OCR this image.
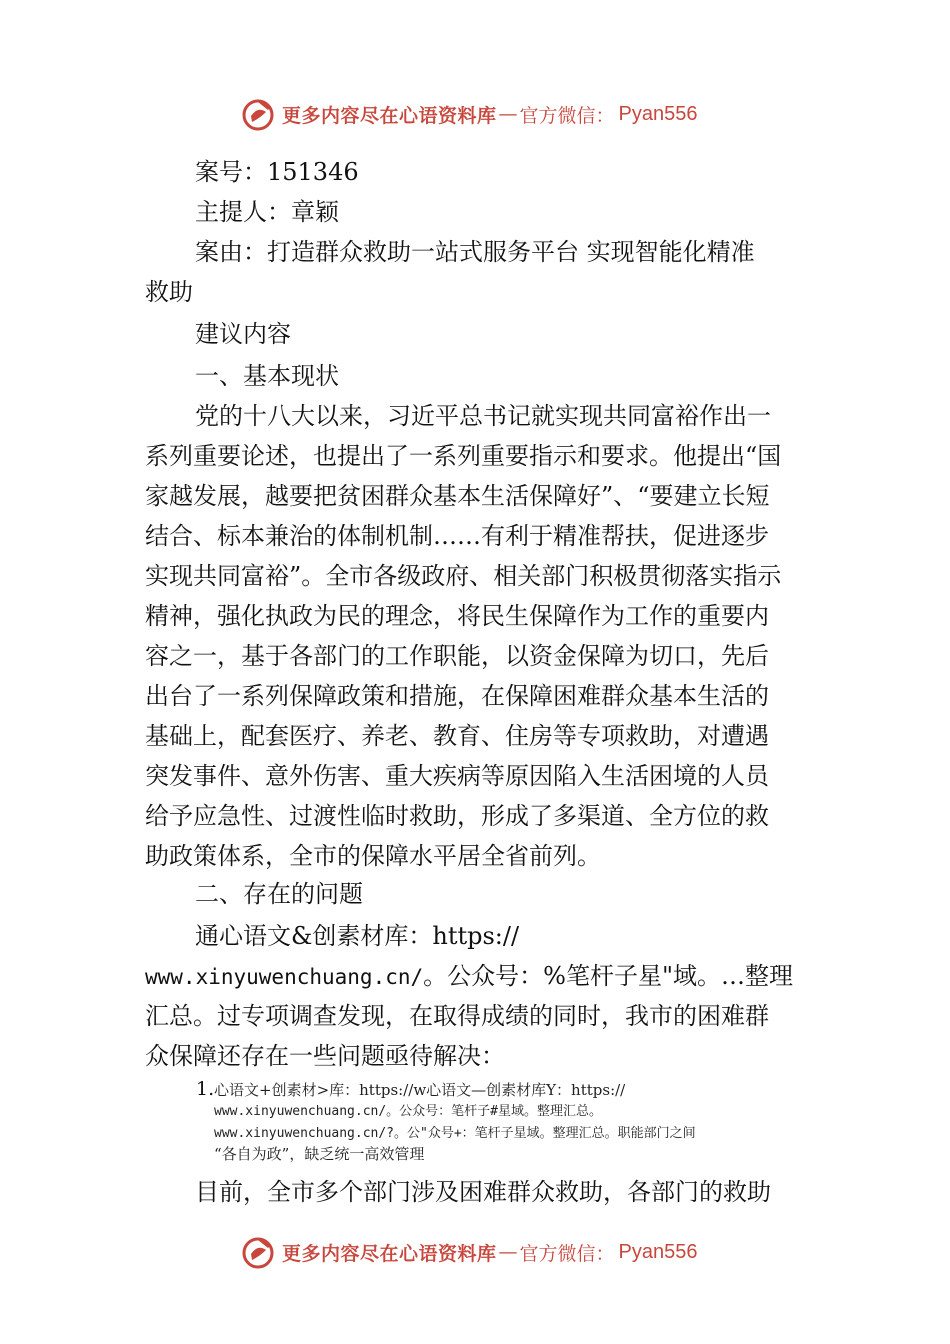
更多内容尽在心语资料库 — 官方微信： Pyan556
案号：151346
主提人：章颖
案由：打造群众救助一站式服务平台 实现智能化精准
救助
建议内容
一、基本现状
党的十八大以来，习近平总书记就实现共同富裕作出一
系列重要论述，也提出了一系列重要指示和要求。他提出“国
家越发展，越要把贫困群众基本生活保障好”、“要建立长短
结合、标本兼治的体制机制……有利于精准帮扶，促进逐步
实现共同富裕”。全市各级政府、相关部门积极贯彻落实指示
精神，强化执政为民的理念，将民生保障作为工作的重要内
容之一，基于各部门的工作职能，以资金保障为切口，先后
出台了一系列保障政策和措施，在保障困难群众基本生活的
基础上，配套医疗、养老、教育、住房等专项救助，对遭遇
突发事件、意外伤害、重大疾病等原因陷入生活困境的人员
给予应急性、过渡性临时救助，形成了多渠道、全方位的救
助政策体系，全市的保障水平居全省前列。
二、存在的问题
通心语文&创素材库：https://
www.xinyuwenchuang.cn/。公众号：%笔杆子星"域。…整理
汇总。过专项调查发现，在取得成绩的同时，我市的困难群
众保障还存在一些问题亟待解决：
1. 心语文+创素材>库：https://w心语文—创素材库Y：https://
www.xinyuwenchuang.cn/。公众号：笔杆子#星域。整理汇总。
www.xinyuwenchuang.cn/?。公"众号+：笔杆子星域。整理汇总。职能部门之间
“各自为政”，缺乏统一高效管理
目前，全市多个部门涉及困难群众救助，各部门的救助
更多内容尽在心语资料库 — 官方微信： Pyan556
